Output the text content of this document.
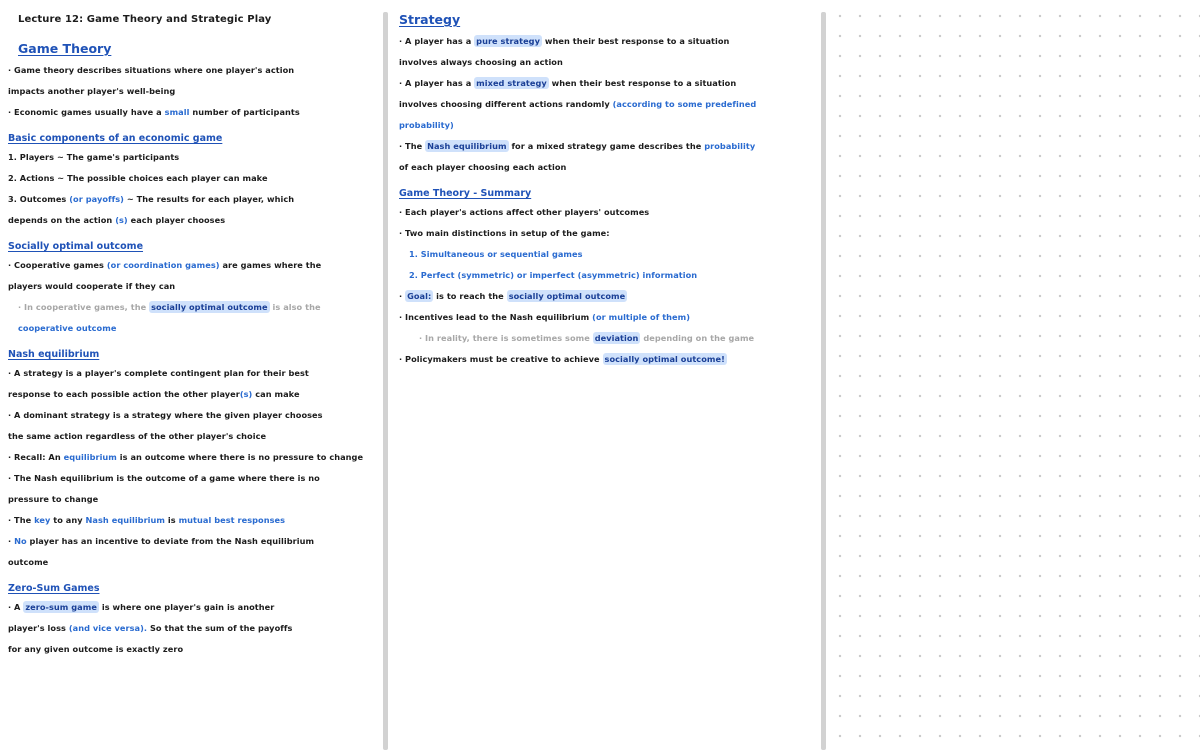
Lecture 12: Game Theory and Strategic Play
Game Theory
· Game theory describes situations where one player's action
impacts another player's well-being
· Economic games usually have a small number of participants
Basic components of an economic game
1. Players ~ The game's participants
2. Actions ~ The possible choices each player can make
3. Outcomes (or payoffs) ~ The results for each player, which
depends on the action (s) each player chooses
Socially optimal outcome
· Cooperative games (or coordination games) are games where the
players would cooperate if they can
· In cooperative games, the socially optimal outcome is also the
cooperative outcome
Nash equilibrium
· A strategy is a player's complete contingent plan for their best
response to each possible action the other player(s) can make
· A dominant strategy is a strategy where the given player chooses
the same action regardless of the other player's choice
· Recall: An equilibrium is an outcome where there is no pressure to change
· The Nash equilibrium is the outcome of a game where there is no
pressure to change
· The key to any Nash equilibrium is mutual best responses
· No player has an incentive to deviate from the Nash equilibrium
outcome
Zero-Sum Games
· A zero-sum game is where one player's gain is another
player's loss (and vice versa). So that the sum of the payoffs
for any given outcome is exactly zero
Strategy
· A player has a pure strategy when their best response to a situation
involves always choosing an action
· A player has a mixed strategy when their best response to a situation
involves choosing different actions randomly (according to some predefined
probability)
· The Nash equilibrium for a mixed strategy game describes the probability
of each player choosing each action
Game Theory - Summary
· Each player's actions affect other players' outcomes
· Two main distinctions in setup of the game:
1. Simultaneous or sequential games
2. Perfect (symmetric) or imperfect (asymmetric) information
· Goal: is to reach the socially optimal outcome
· Incentives lead to the Nash equilibrium (or multiple of them)
· In reality, there is sometimes some deviation depending on the game
· Policymakers must be creative to achieve socially optimal outcome!
